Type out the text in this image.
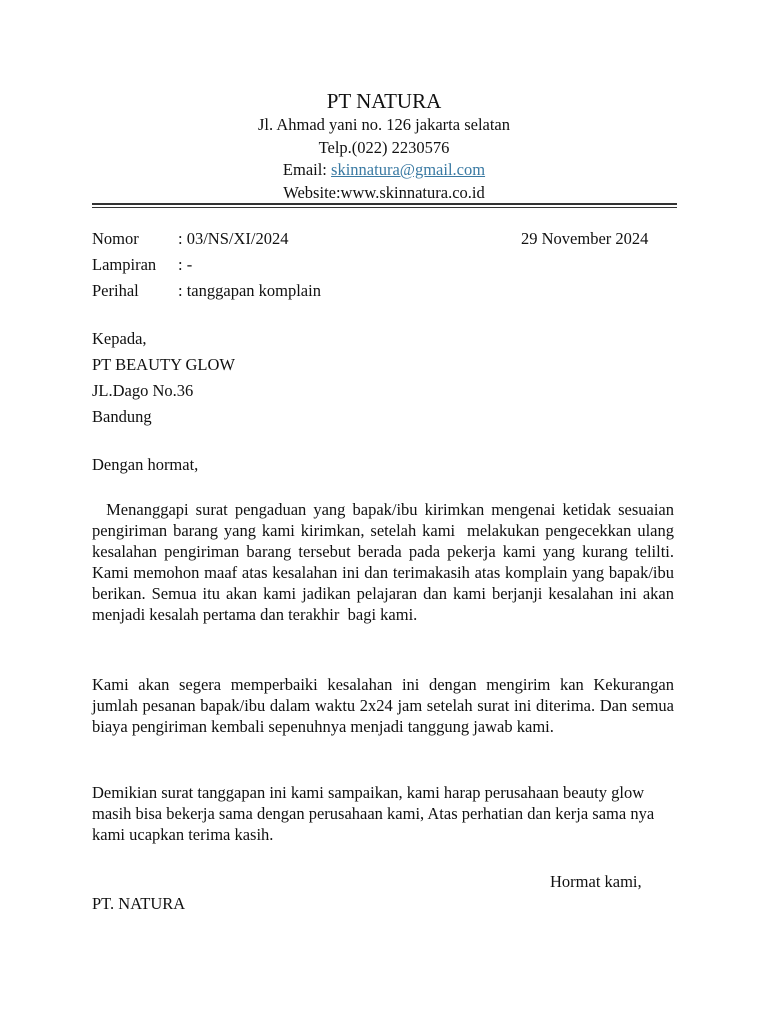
PT NATURA
Jl. Ahmad yani no. 126 jakarta selatan
Telp.(022) 2230576
Email: skinnatura@gmail.com
Website:www.skinnatura.co.id
Nomor : 03/NS/XI/2024	29 November 2024
Lampiran : -
Perihal : tanggapan komplain
Kepada,
PT BEAUTY GLOW
JL.Dago No.36
Bandung
Dengan hormat,
Menanggapi surat pengaduan yang bapak/ibu kirimkan mengenai ketidak sesuaian pengiriman barang yang kami kirimkan, setelah kami  melakukan pengecekkan ulang kesalahan pengiriman barang tersebut berada pada pekerja kami yang kurang telilti.  Kami memohon maaf atas kesalahan ini dan terimakasih atas komplain yang bapak/ibu berikan. Semua itu akan kami jadikan pelajaran dan kami berjanji kesalahan ini akan menjadi kesalah pertama dan terakhir  bagi kami.
Kami akan segera memperbaiki kesalahan ini dengan mengirim kan Kekurangan jumlah pesanan bapak/ibu dalam waktu 2x24 jam setelah surat ini diterima. Dan semua biaya pengiriman kembali sepenuhnya menjadi tanggung jawab kami.
Demikian surat tanggapan ini kami sampaikan, kami harap perusahaan beauty glow masih bisa bekerja sama dengan perusahaan kami, Atas perhatian dan kerja sama nya kami ucapkan terima kasih.
Hormat kami,
PT. NATURA
